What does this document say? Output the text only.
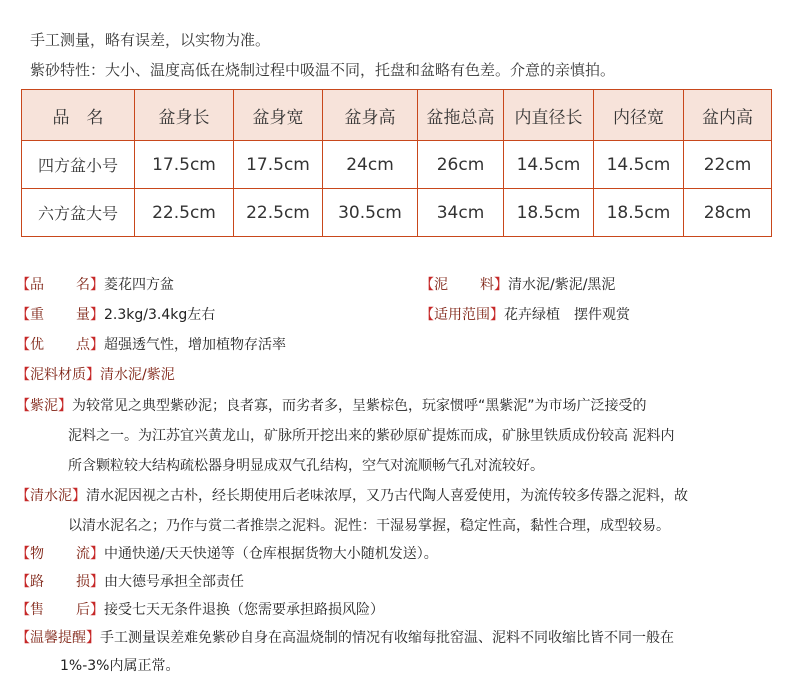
手工测量，略有误差，以实物为准。
紫砂特性：大小、温度高低在烧制过程中吸温不同，托盘和盆略有色差。介意的亲慎拍。
品　名	盆身长	盆身宽	盆身高	盆拖总高	内直径长	内径宽	盆内高
四方盆小号	17.5cm	17.5cm	24cm	26cm	14.5cm	14.5cm	22cm
六方盆大号	22.5cm	22.5cm	30.5cm	34cm	18.5cm	18.5cm	28cm
【品　　名】菱花四方盆	【泥　　料】清水泥/紫泥/黑泥
【重　　量】2.3kg/3.4kg左右	【适用范围】花卉绿植　摆件观赏
【优　　点】超强透气性，增加植物存活率
【泥料材质】清水泥/紫泥
【紫泥】为较常见之典型紫砂泥；良者寡，而劣者多，呈紫棕色，玩家惯呼“黑紫泥”为市场广泛接受的
泥料之一。为江苏宜兴黄龙山，矿脉所开挖出来的紫砂原矿提炼而成，矿脉里铁质成份较高 泥料内
所含颗粒较大结构疏松器身明显成双气孔结构，空气对流顺畅气孔对流较好。
【清水泥】清水泥因视之古朴，经长期使用后老味浓厚，又乃古代陶人喜爱使用，为流传较多传器之泥料，故
以清水泥名之；乃作与赏二者推崇之泥料。泥性：干湿易掌握，稳定性高，黏性合理，成型较易。
【物　　流】中通快递/天天快递等（仓库根据货物大小随机发送）。
【路　　损】由大德号承担全部责任
【售　　后】接受七天无条件退换（您需要承担路损风险）
【温馨提醒】手工测量误差难免紫砂自身在高温烧制的情况有收缩每批窑温、泥料不同收缩比皆不同一般在
1%-3%内属正常。
